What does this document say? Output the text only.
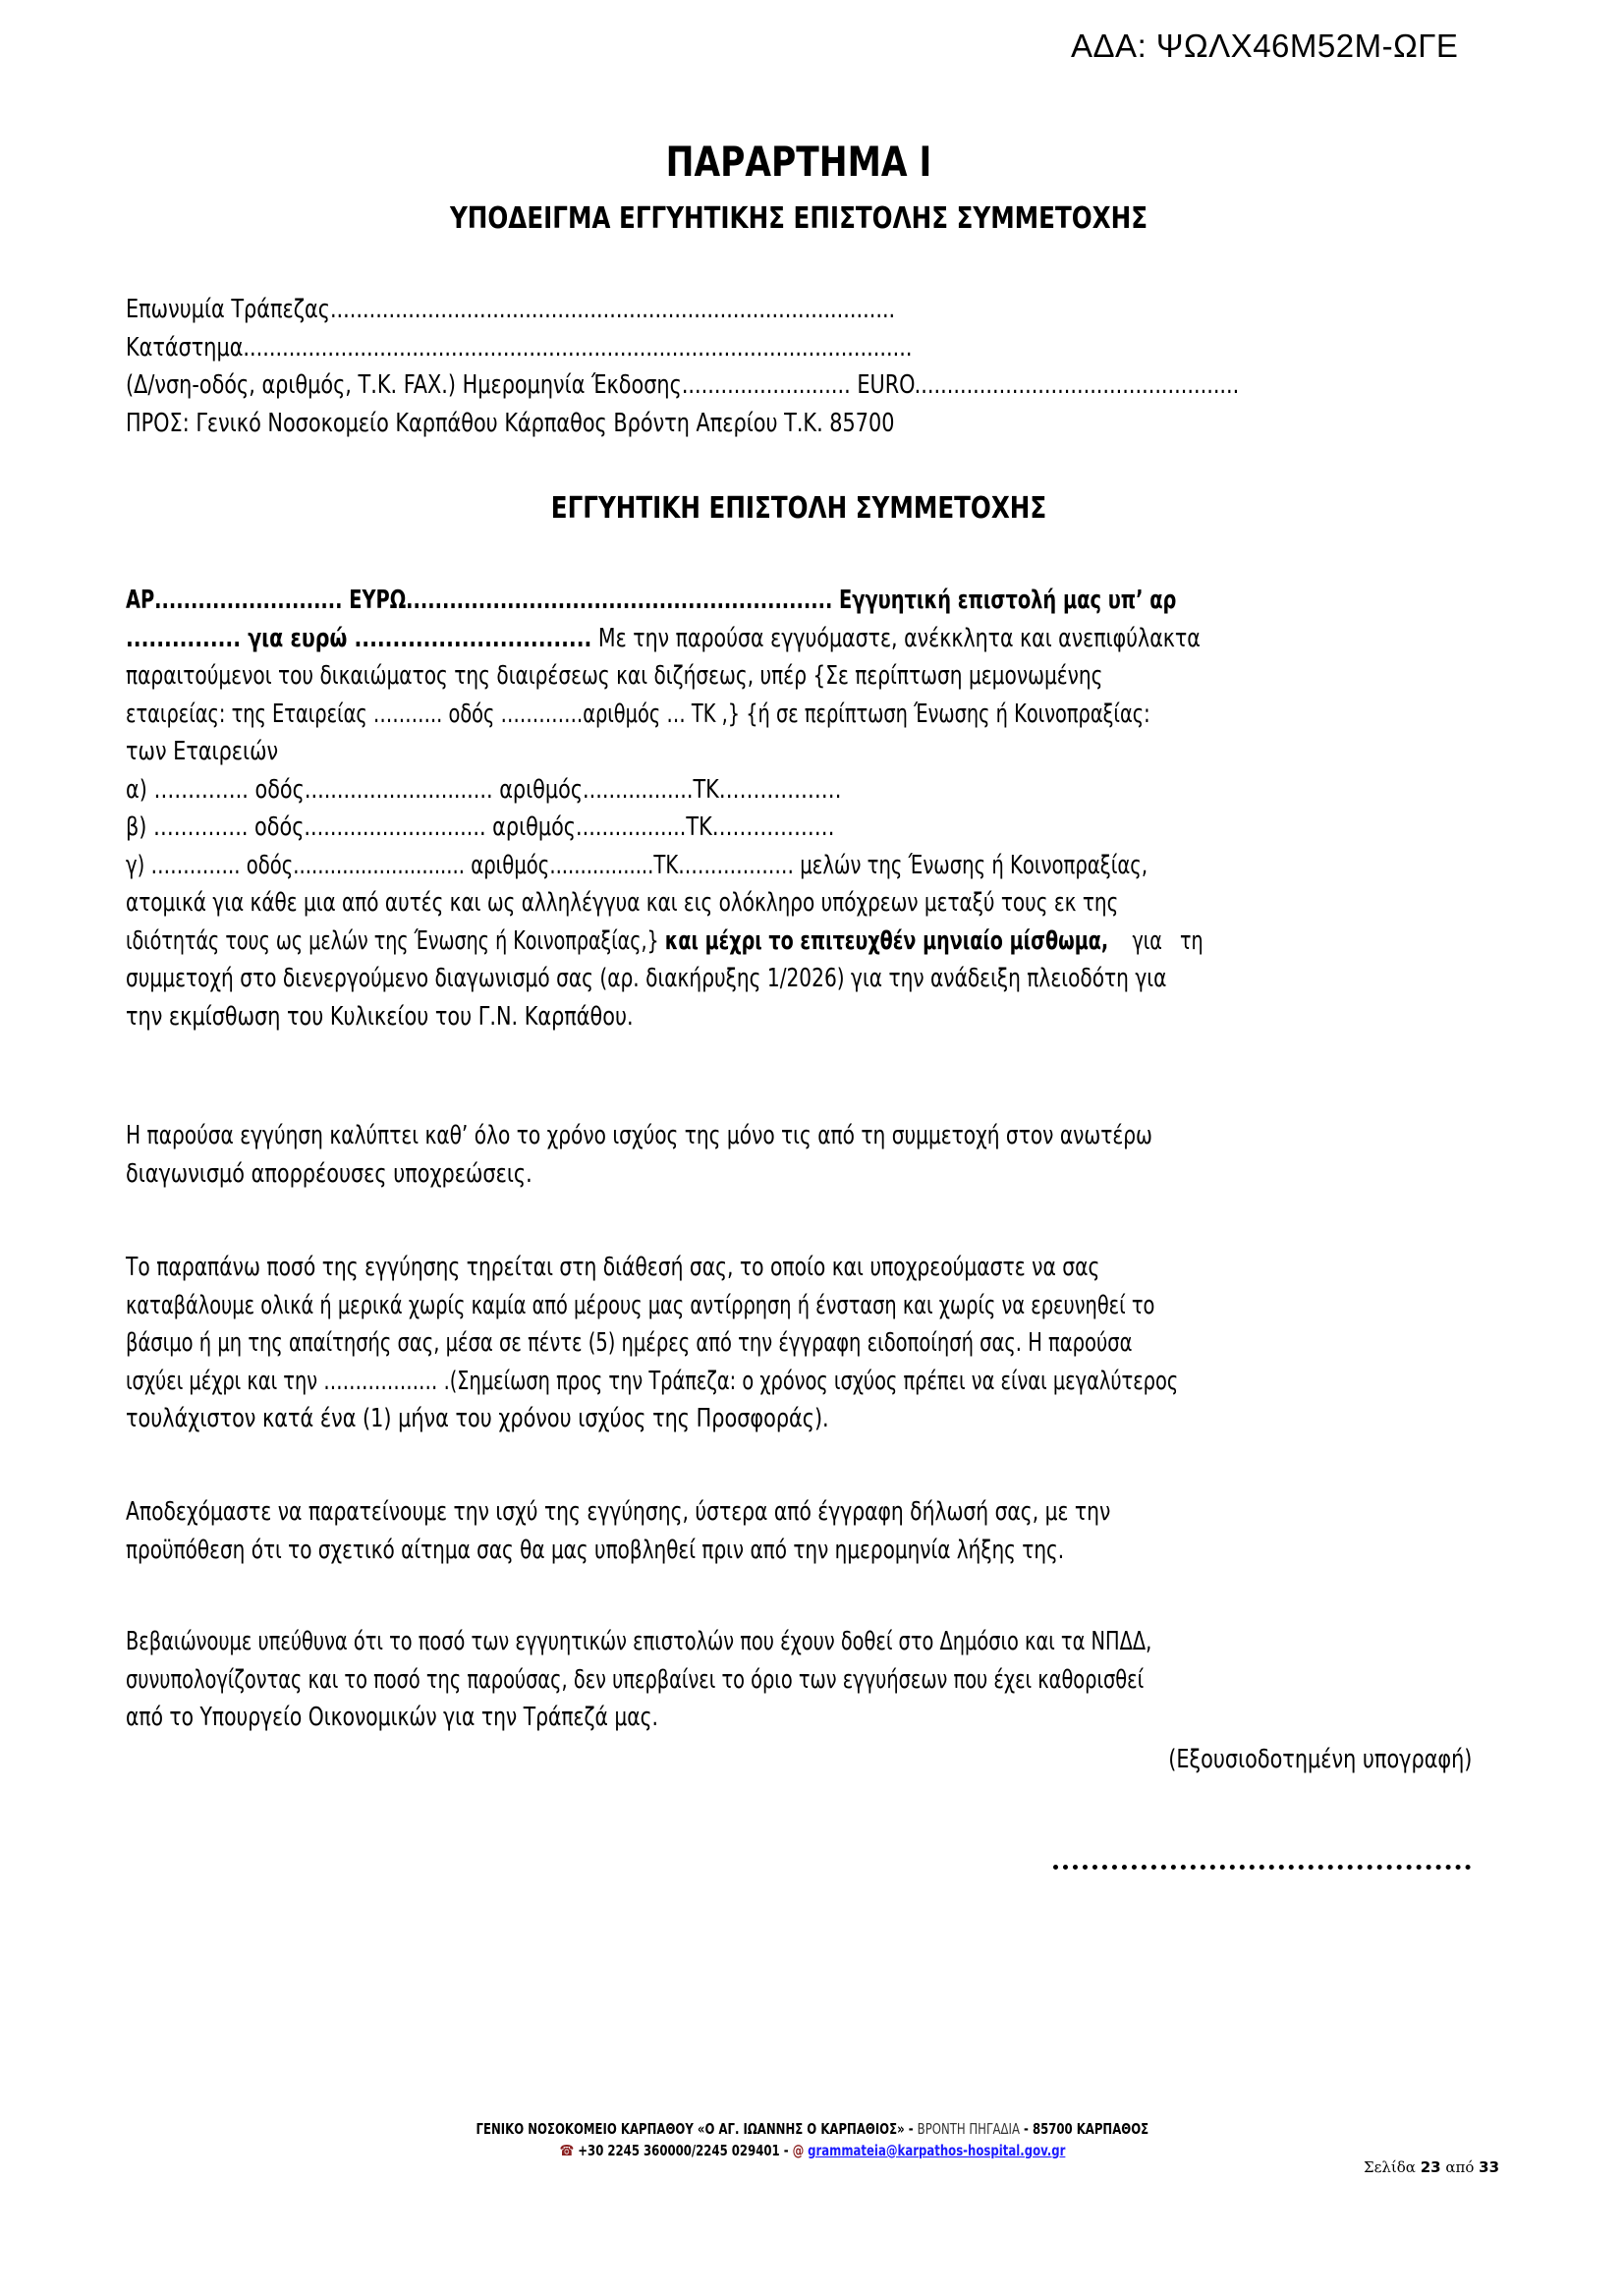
ΑΔΑ: ΨΩΛΧ46Μ52Μ-ΩΓΕ
ΠΑΡΑΡΤΗΜΑ Ι
ΥΠΟΔΕΙΓΜΑ ΕΓΓΥΗΤΙΚΗΣ ΕΠΙΣΤΟΛΗΣ ΣΥΜΜΕΤΟΧΗΣ
Επωνυμία Τράπεζας.......................................................................................
Κατάστημα.......................................................................................................
(Δ/νση-οδός, αριθμός, Τ.Κ. FAX.) Ημερομηνία Έκδοσης.......................... EURO..................................................
ΠΡΟΣ: Γενικό Νοσοκομείο Καρπάθου Κάρπαθος Βρόντη Απερίου Τ.Κ. 85700
ΕΓΓΥΗΤΙΚΗ ΕΠΙΣΤΟΛΗ ΣΥΜΜΕΤΟΧΗΣ
ΑΡ.......................... ΕΥΡΩ........................................................... Εγγυητική επιστολή μας υπ’ αρ
............... για ευρώ ............................... Με την παρούσα εγγυόμαστε, ανέκκλητα και ανεπιφύλακτα
παραιτούμενοι του δικαιώματος της διαιρέσεως και διζήσεως, υπέρ {Σε περίπτωση μεμονωμένης
εταιρείας: της Εταιρείας ……….. οδός ………….αριθμός … ΤΚ ,} {ή σε περίπτωση Ένωσης ή Κοινοπραξίας:
των Εταιρειών
α) ………….. οδός............................. αριθμός.................ΤΚ………………
β) ………….. οδός............................ αριθμός.................ΤΚ………………
γ) ………….. οδός............................ αριθμός.................ΤΚ……………… μελών της Ένωσης ή Κοινοπραξίας,
ατομικά για κάθε μια από αυτές και ως αλληλέγγυα και εις ολόκληρο υπόχρεων μεταξύ τους εκ της
ιδιότητάς τους ως μελών της Ένωσης ή Κοινοπραξίας,} και μέχρι το επιτευχθέν μηνιαίο μίσθωμα,    για   τη
συμμετοχή στο διενεργούμενο διαγωνισμό σας (αρ. διακήρυξης 1/2026) για την ανάδειξη πλειοδότη για
την εκμίσθωση του Κυλικείου του Γ.Ν. Καρπάθου.
Η παρούσα εγγύηση καλύπτει καθ’ όλο το χρόνο ισχύος της μόνο τις από τη συμμετοχή στον ανωτέρω
διαγωνισμό απορρέουσες υποχρεώσεις.
Το παραπάνω ποσό της εγγύησης τηρείται στη διάθεσή σας, το οποίο και υποχρεούμαστε να σας
καταβάλουμε ολικά ή μερικά χωρίς καμία από μέρους μας αντίρρηση ή ένσταση και χωρίς να ερευνηθεί το
βάσιμο ή μη της απαίτησής σας, μέσα σε πέντε (5) ημέρες από την έγγραφη ειδοποίησή σας. Η παρούσα
ισχύει μέχρι και την ……………… .(Σημείωση προς την Τράπεζα: ο χρόνος ισχύος πρέπει να είναι μεγαλύτερος
τουλάχιστον κατά ένα (1) μήνα του χρόνου ισχύος της Προσφοράς).
Αποδεχόμαστε να παρατείνουμε την ισχύ της εγγύησης, ύστερα από έγγραφη δήλωσή σας, με την
προϋπόθεση ότι το σχετικό αίτημα σας θα μας υποβληθεί πριν από την ημερομηνία λήξης της.
Βεβαιώνουμε υπεύθυνα ότι το ποσό των εγγυητικών επιστολών που έχουν δοθεί στο Δημόσιο και τα ΝΠΔΔ,
συνυπολογίζοντας και το ποσό της παρούσας, δεν υπερβαίνει το όριο των εγγυήσεων που έχει καθορισθεί
από το Υπουργείο Οικονομικών για την Τράπεζά μας.
(Εξουσιοδοτημένη υπογραφή)
ΓΕΝΙΚΟ ΝΟΣΟΚΟΜΕΙΟ ΚΑΡΠΑΘΟΥ «Ο ΑΓ. ΙΩΑΝΝΗΣ Ο ΚΑΡΠΑΘΙΟΣ» - ΒΡΟΝΤΗ ΠΗΓΑΔΙΑ - 85700 ΚΑΡΠΑΘΟΣ
☎ +30 2245 360000/2245 029401 - @ grammateia@karpathos-hospital.gov.gr
Σελίδα 23 από 33
